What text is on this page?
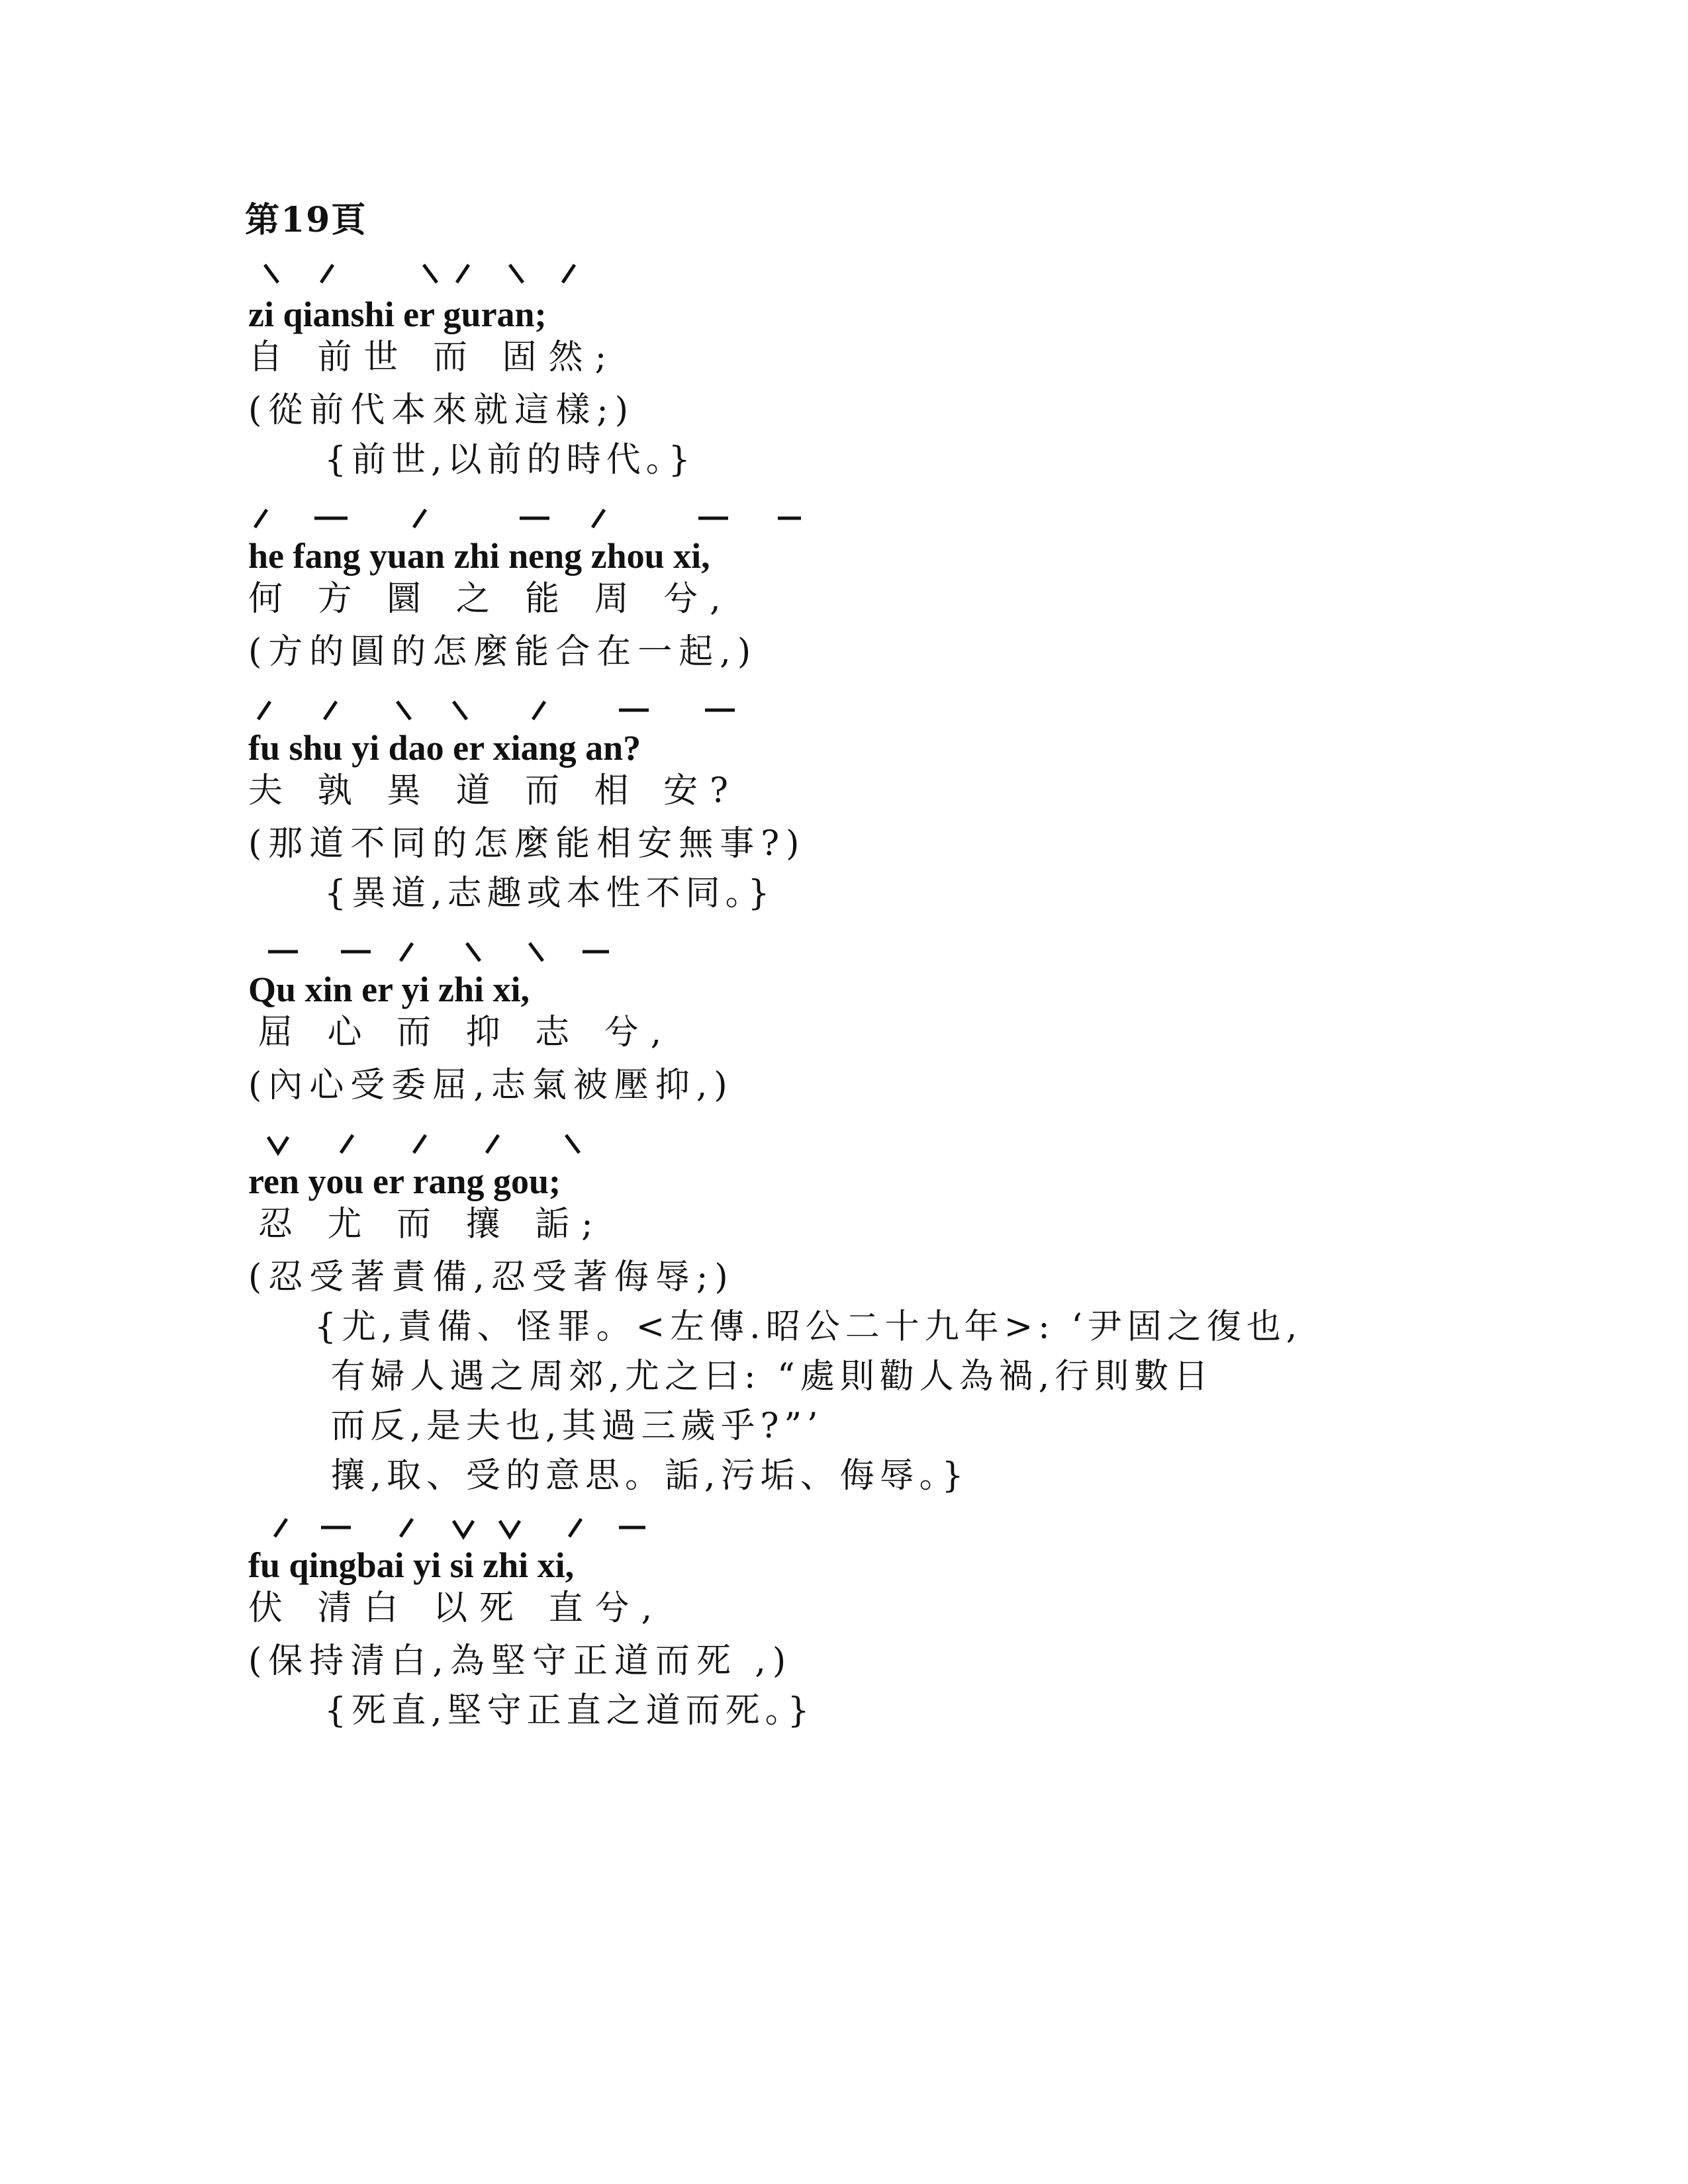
第19頁
zi qianshi er guran;
自 前世 而 固然;
(從前代本來就這樣;)
{前世,以前的時代。}
he fang yuan zhi neng zhou xi,
何 方 圜 之 能 周 兮,
(方的圓的怎麼能合在一起,)
fu shu yi dao er xiang an?
夫 孰 異 道 而 相 安?
(那道不同的怎麼能相安無事?)
{異道,志趣或本性不同。}
Qu xin er yi zhi xi,
屈 心 而 抑 志 兮,
(內心受委屈,志氣被壓抑,)
ren you er rang gou;
忍 尤 而 攘 詬;
(忍受著責備,忍受著侮辱;)
{尤,責備、怪罪。<左傳.昭公二十九年>: ‘尹固之復也,
有婦人遇之周郊,尤之曰: “處則勸人為禍,行則數日
而反,是夫也,其過三歲乎?”’
攘,取、受的意思。詬,污垢、侮辱。}
fu qingbai yi si zhi xi,
伏 清白 以死 直兮,
(保持清白,為堅守正道而死 ,)
{死直,堅守正直之道而死。}
